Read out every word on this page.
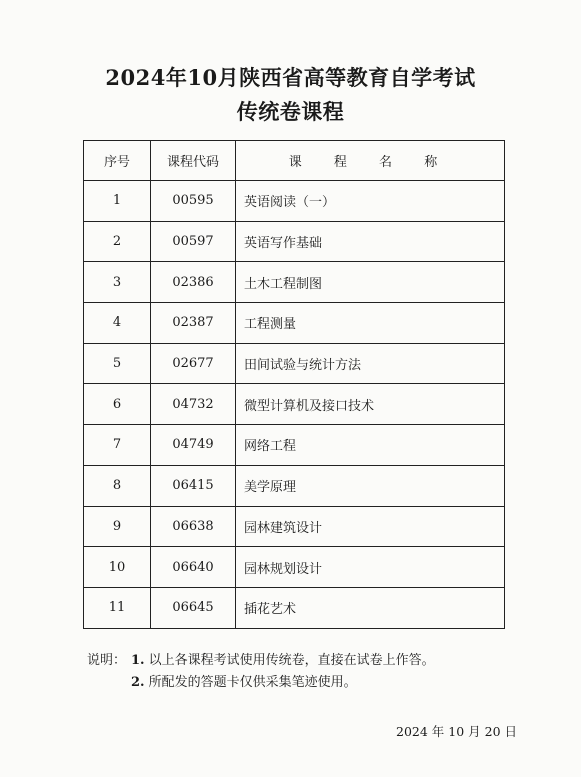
2024年10月陕西省高等教育自学考试
传统卷课程
序号	课程代码	课 程 名 称
1	00595	英语阅读（一）
2	00597	英语写作基础
3	02386	土木工程制图
4	02387	工程测量
5	02677	田间试验与统计方法
6	04732	微型计算机及接口技术
7	04749	网络工程
8	06415	美学原理
9	06638	园林建筑设计
10	06640	园林规划设计
11	06645	插花艺术
说明： 1. 以上各课程考试使用传统卷，直接在试卷上作答。
2. 所配发的答题卡仅供采集笔迹使用。
2024 年 10 月 20 日
